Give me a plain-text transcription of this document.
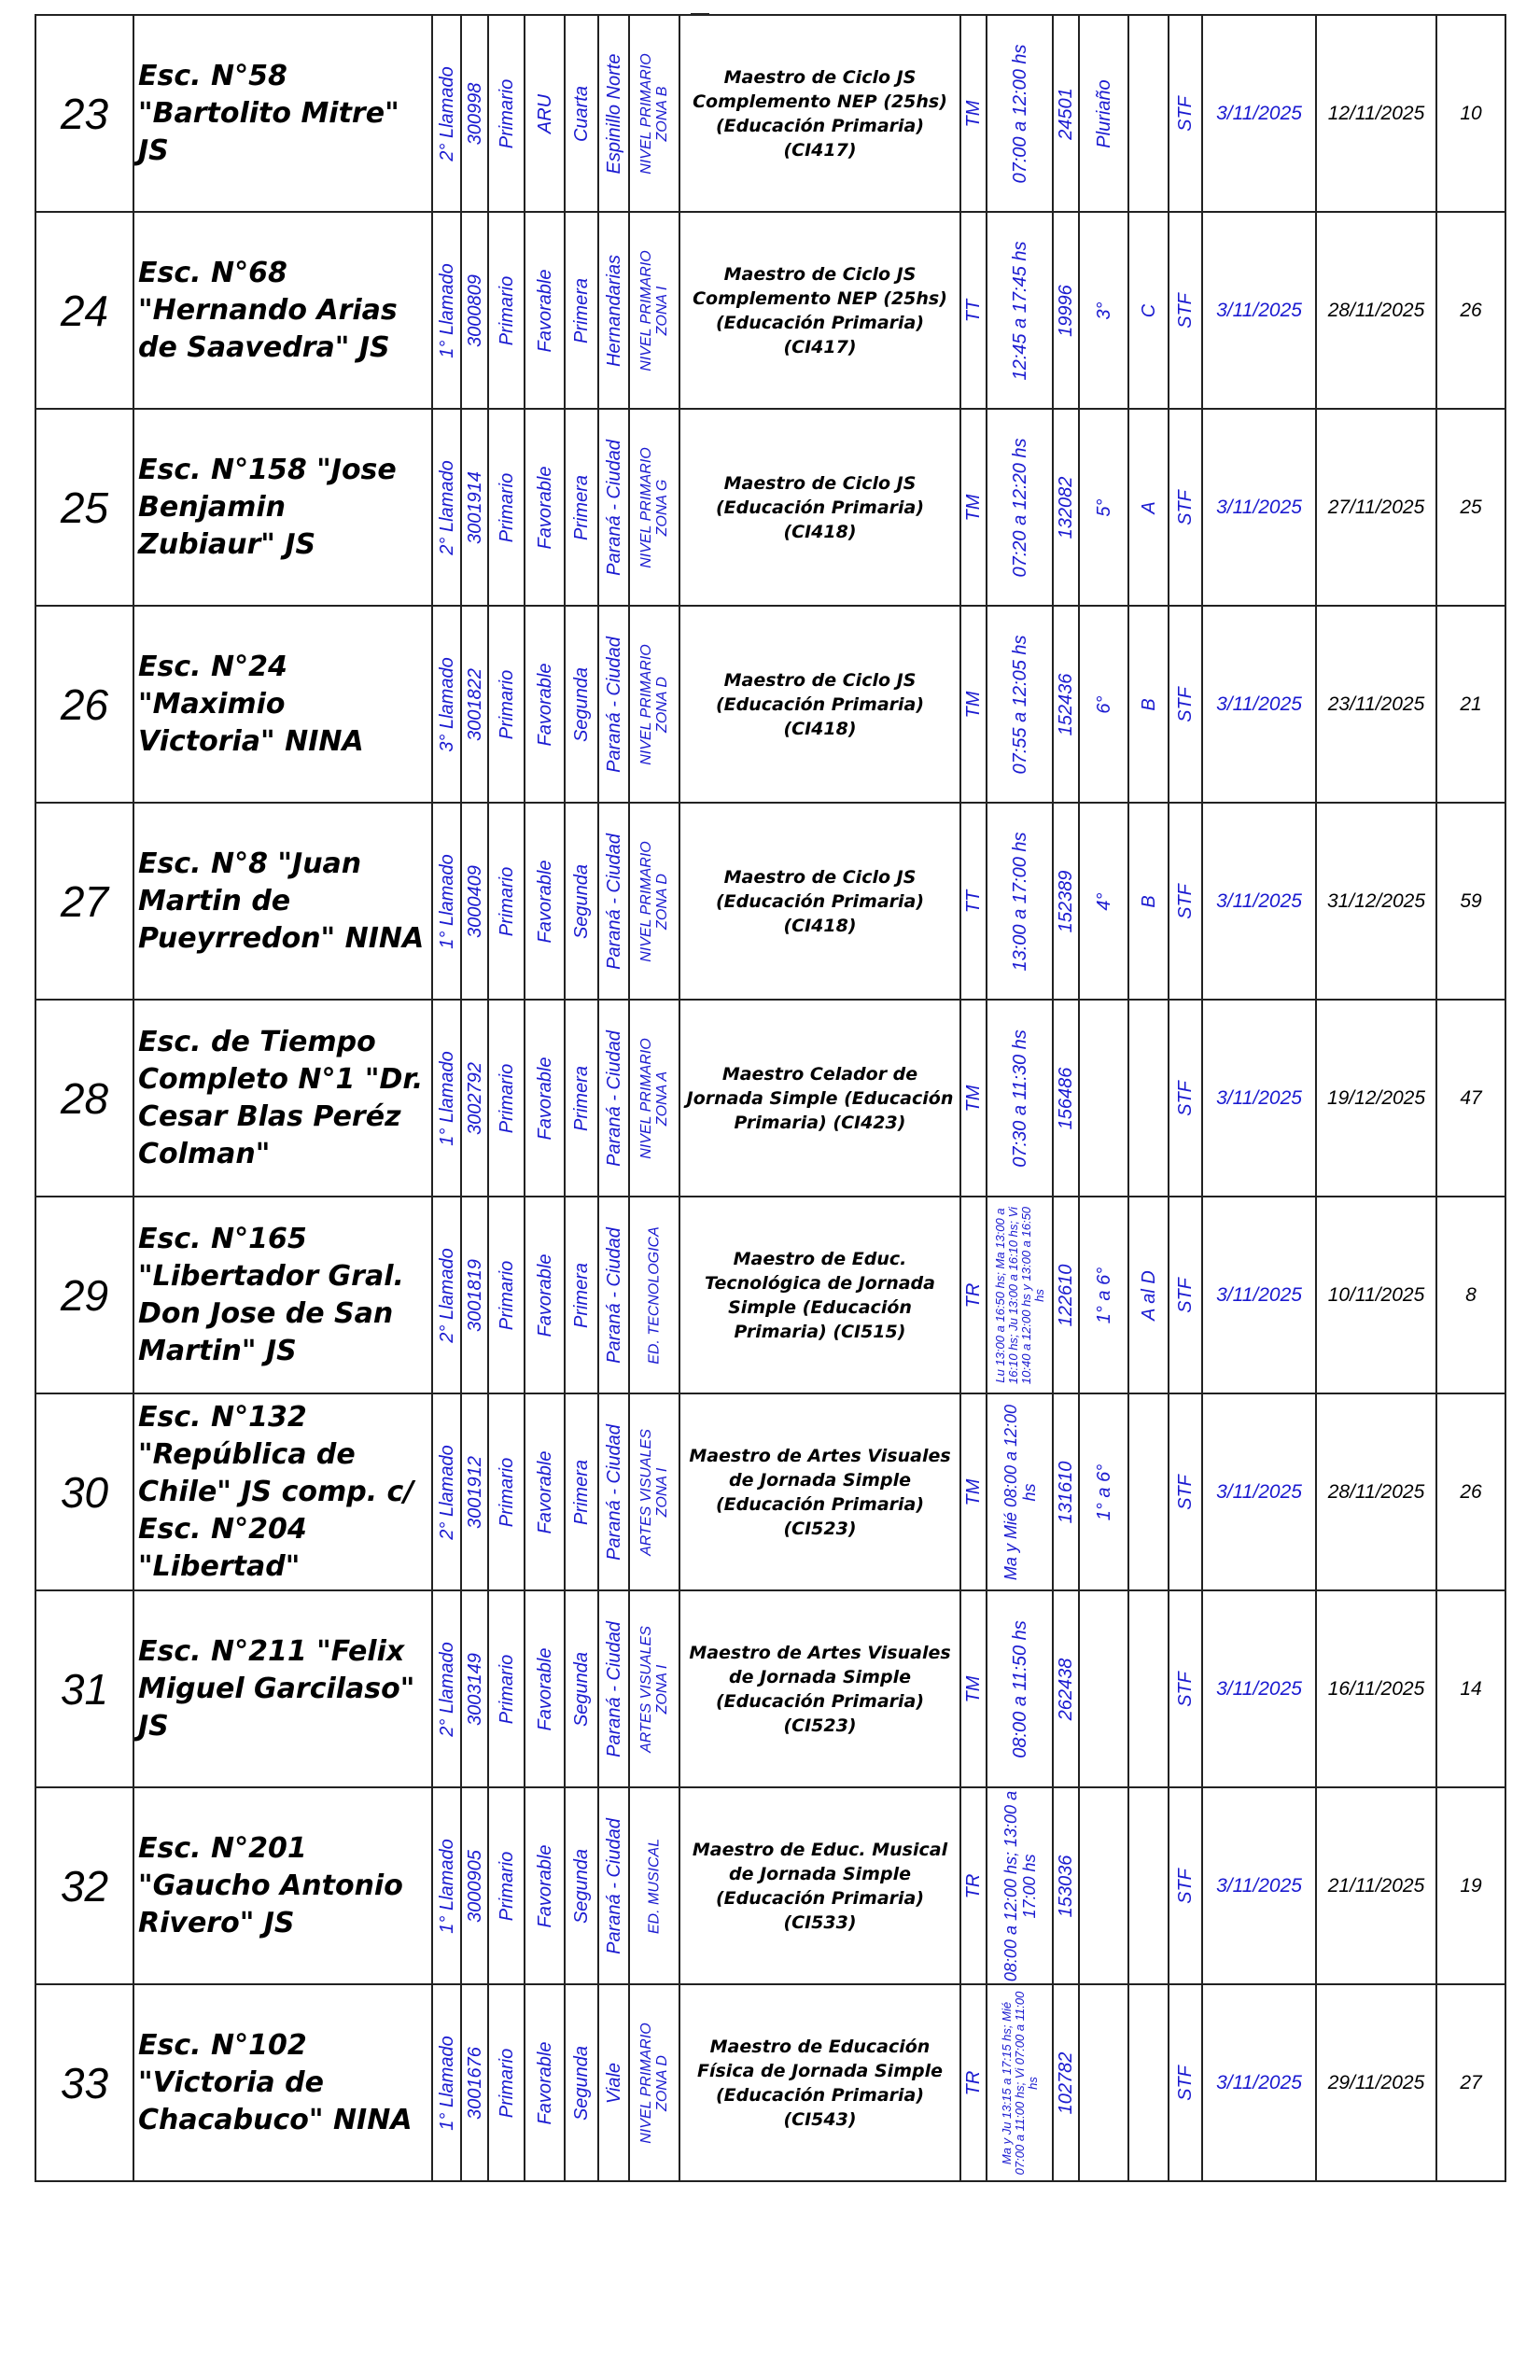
23	Esc. N°58 "Bartolito Mitre" JS	2° Llamado	300998	Primario	ARU	Cuarta	Espinillo Norte	NIVEL PRIMARIO ZONA B	Maestro de Ciclo JS Complemento NEP (25hs) (Educación Primaria) (CI417)	TM	07:00 a 12:00 hs	24501	Pluriaño		STF	3/11/2025	12/11/2025	10
24	Esc. N°68 "Hernando Arias de Saavedra" JS	1° Llamado	3000809	Primario	Favorable	Primera	Hernandarias	NIVEL PRIMARIO ZONA I	Maestro de Ciclo JS Complemento NEP (25hs) (Educación Primaria) (CI417)	TT	12:45 a 17:45 hs	19996	3°	C	STF	3/11/2025	28/11/2025	26
25	Esc. N°158 "Jose Benjamin Zubiaur" JS	2° Llamado	3001914	Primario	Favorable	Primera	Paraná - Ciudad	NIVEL PRIMARIO ZONA G	Maestro de Ciclo JS (Educación Primaria) (CI418)	TM	07:20 a 12:20 hs	132082	5°	A	STF	3/11/2025	27/11/2025	25
26	Esc. N°24 "Maximio Victoria" NINA	3° Llamado	3001822	Primario	Favorable	Segunda	Paraná - Ciudad	NIVEL PRIMARIO ZONA D	Maestro de Ciclo JS (Educación Primaria) (CI418)	TM	07:55 a 12:05 hs	152436	6°	B	STF	3/11/2025	23/11/2025	21
27	Esc. N°8 "Juan Martin de Pueyrredon" NINA	1° Llamado	3000409	Primario	Favorable	Segunda	Paraná - Ciudad	NIVEL PRIMARIO ZONA D	Maestro de Ciclo JS (Educación Primaria) (CI418)	TT	13:00 a 17:00 hs	152389	4°	B	STF	3/11/2025	31/12/2025	59
28	Esc. de Tiempo Completo N°1 "Dr. Cesar Blas Peréz Colman"	1° Llamado	3002792	Primario	Favorable	Primera	Paraná - Ciudad	NIVEL PRIMARIO ZONA A	Maestro Celador de Jornada Simple (Educación Primaria) (CI423)	TM	07:30 a 11:30 hs	156486			STF	3/11/2025	19/12/2025	47
29	Esc. N°165 "Libertador Gral. Don Jose de San Martin" JS	2° Llamado	3001819	Primario	Favorable	Primera	Paraná - Ciudad	ED. TECNOLOGICA	Maestro de Educ. Tecnológica de Jornada Simple (Educación Primaria) (CI515)	TR	Lu 13:00 a 16:50 hs; Ma 13:00 a 16:10 hs; Ju 13:00 a 16:10 hs; Vi 10:40 a 12:00 hs y 13:00 a 16:50 hs	122610	1° a 6°	A al D	STF	3/11/2025	10/11/2025	8
30	Esc. N°132 "República de Chile" JS comp. c/ Esc. N°204 "Libertad"	2° Llamado	3001912	Primario	Favorable	Primera	Paraná - Ciudad	ARTES VISUALES ZONA I	Maestro de Artes Visuales de Jornada Simple (Educación Primaria) (CI523)	TM	Ma y Mié 08:00 a 12:00 hs	131610	1° a 6°		STF	3/11/2025	28/11/2025	26
31	Esc. N°211 "Felix Miguel Garcilaso" JS	2° Llamado	3003149	Primario	Favorable	Segunda	Paraná - Ciudad	ARTES VISUALES ZONA I	Maestro de Artes Visuales de Jornada Simple (Educación Primaria) (CI523)	TM	08:00 a 11:50 hs	262438			STF	3/11/2025	16/11/2025	14
32	Esc. N°201 "Gaucho Antonio Rivero" JS	1° Llamado	3000905	Primario	Favorable	Segunda	Paraná - Ciudad	ED. MUSICAL	Maestro de Educ. Musical de Jornada Simple (Educación Primaria) (CI533)	TR	08:00 a 12:00 hs; 13:00 a 17:00 hs	153036			STF	3/11/2025	21/11/2025	19
33	Esc. N°102 "Victoria de Chacabuco" NINA	1° Llamado	3001676	Primario	Favorable	Segunda	Viale	NIVEL PRIMARIO ZONA D	Maestro de Educación Física de Jornada Simple (Educación Primaria) (CI543)	TR	Ma y Ju 13:15 a 17:15 hs; Mié 07:00 a 11:00 hs; Vi 07:00 a 11:00 hs	102782			STF	3/11/2025	29/11/2025	27
